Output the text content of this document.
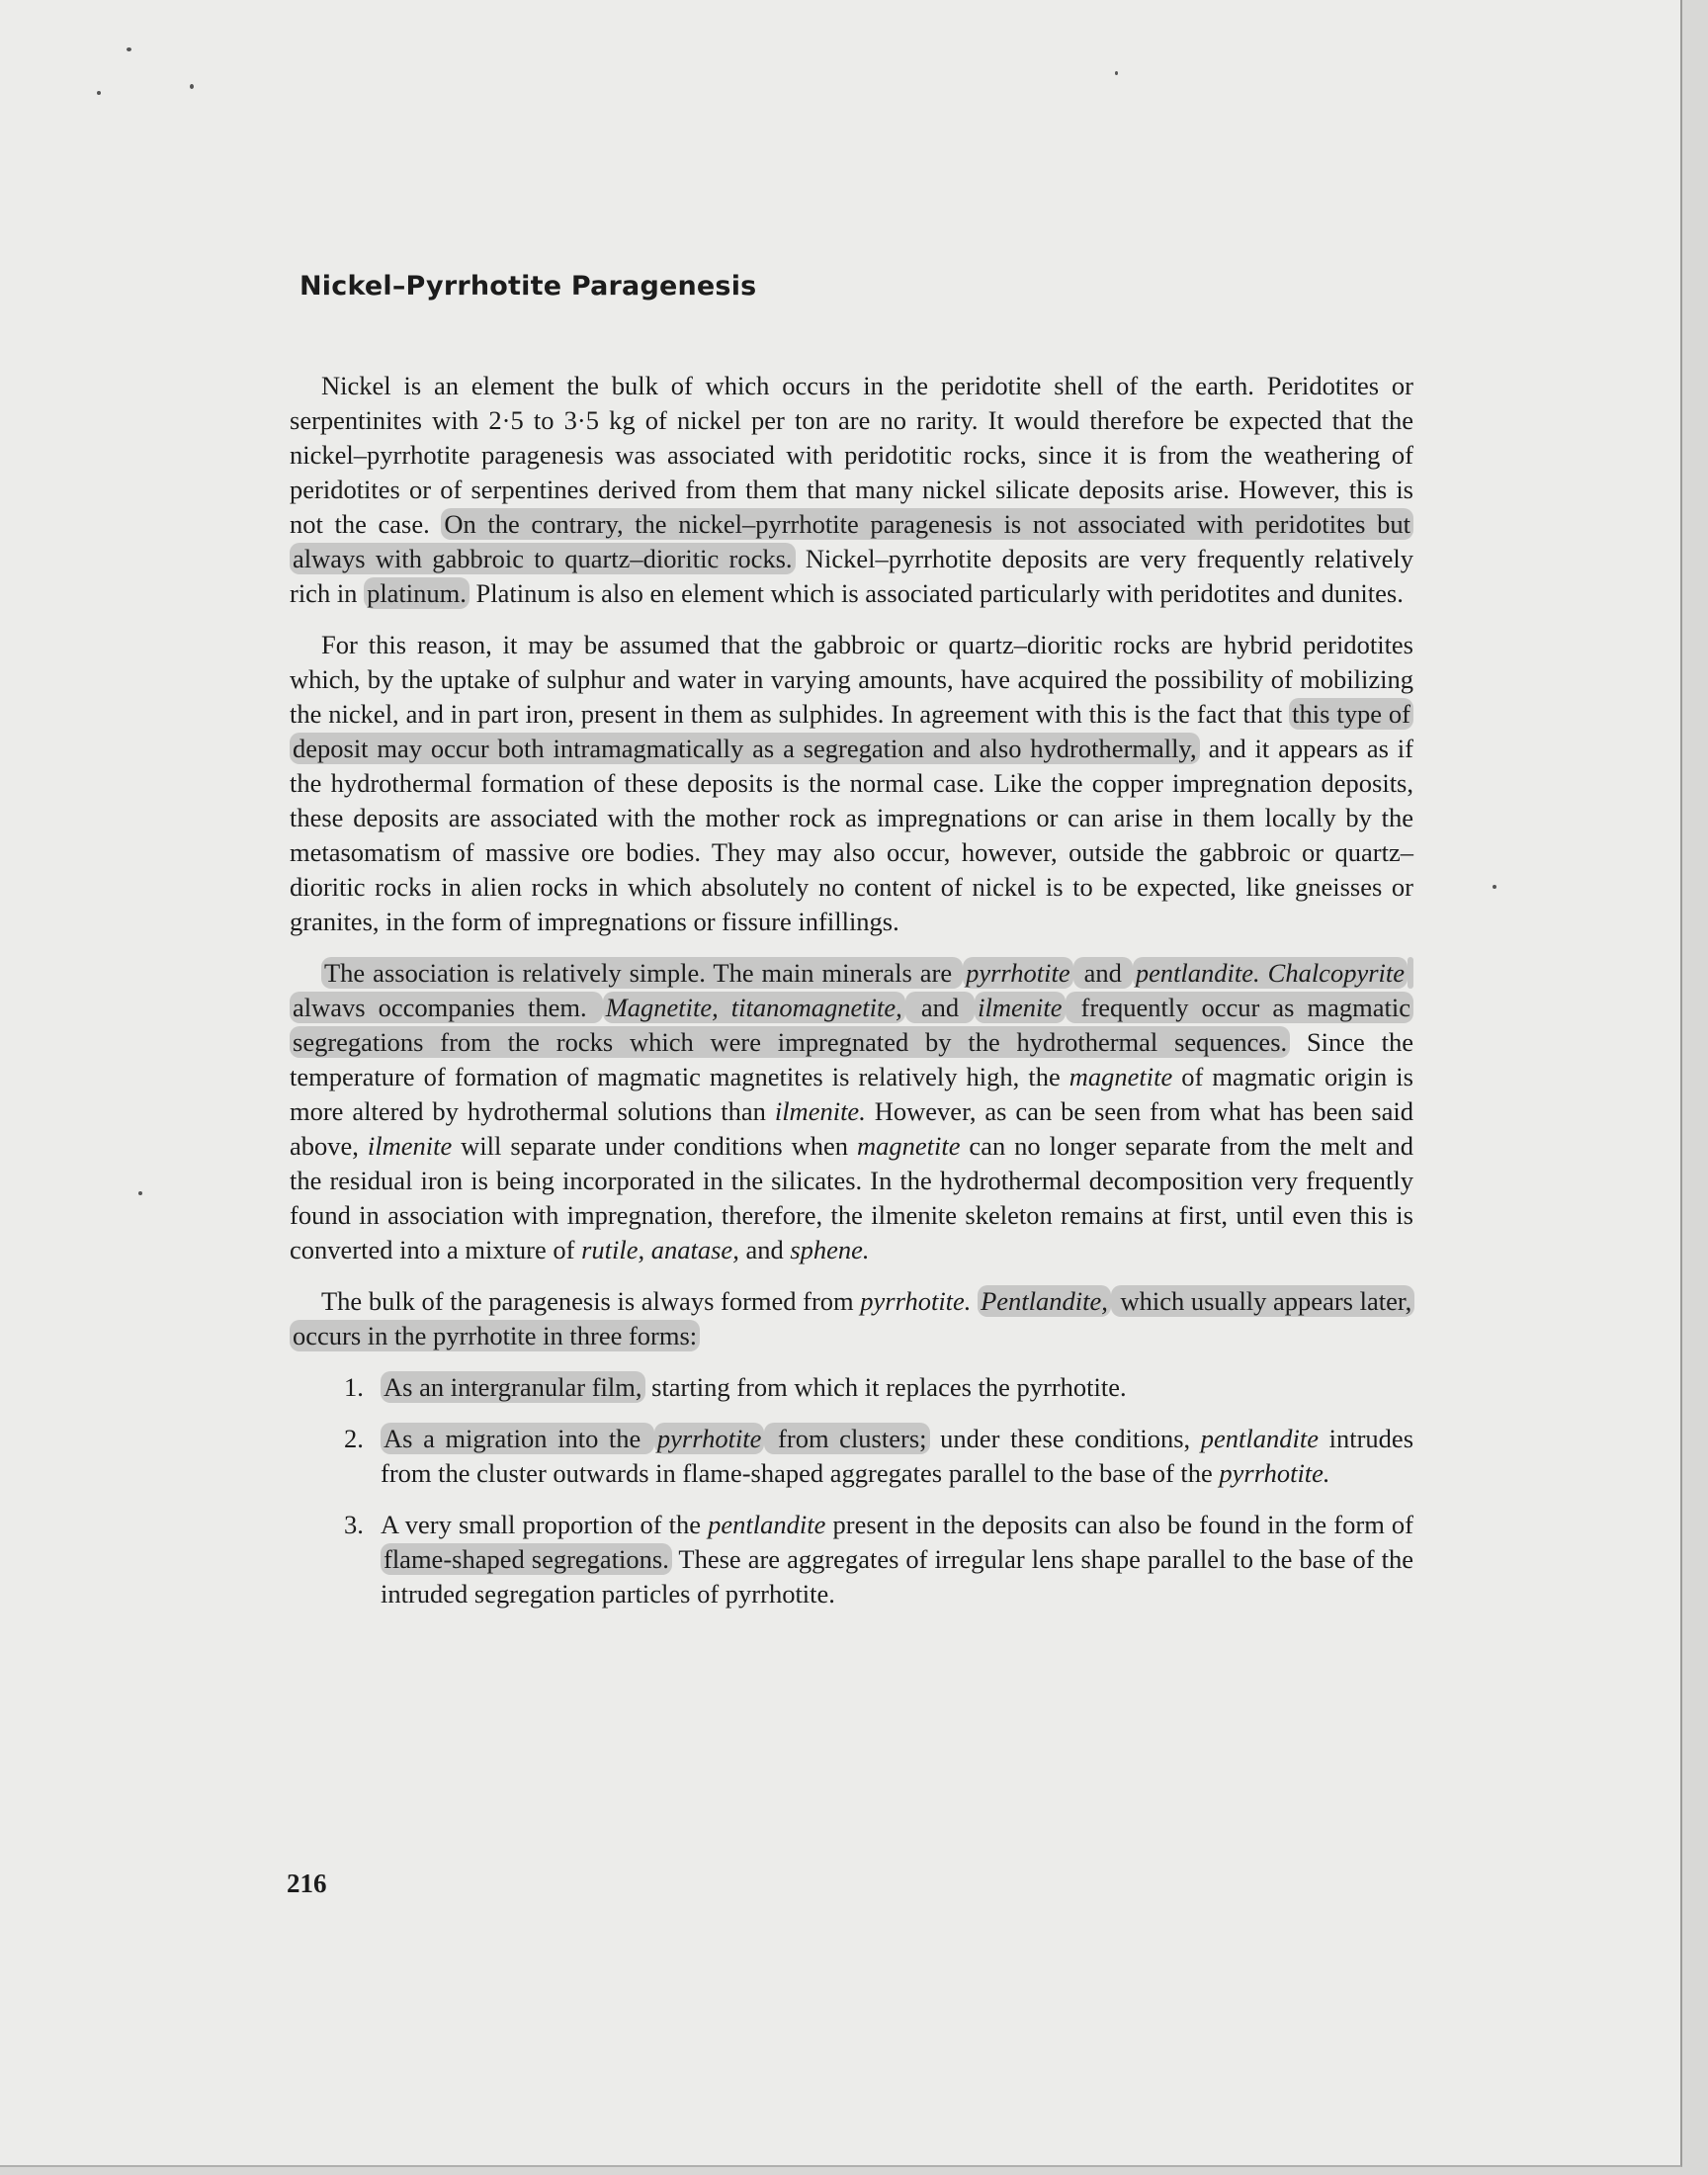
Nickel–Pyrrhotite Paragenesis

Nickel is an element the bulk of which occurs in the peridotite shell of the earth. Peridotites or serpentinites with 2·5 to 3·5 kg of nickel per ton are no rarity. It would therefore be expected that the nickel–pyrrhotite paragenesis was associated with peridotitic rocks, since it is from the weathering of peridotites or of serpentines derived from them that many nickel silicate deposits arise. However, this is not the case. On the contrary, the nickel–pyrrhotite paragenesis is not associated with peridotites but always with gabbroic to quartz–dioritic rocks. Nickel–pyrrhotite deposits are very frequently relatively rich in platinum. Platinum is also en element which is associated particularly with peridotites and dunites.

For this reason, it may be assumed that the gabbroic or quartz–dioritic rocks are hybrid peridotites which, by the uptake of sulphur and water in varying amounts, have acquired the possibility of mobilizing the nickel, and in part iron, present in them as sulphides. In agreement with this is the fact that this type of deposit may occur both intramagmatically as a segregation and also hydrothermally, and it appears as if the hydrothermal formation of these deposits is the normal case. Like the copper impregnation deposits, these deposits are associated with the mother rock as impregnations or can arise in them locally by the metasomatism of massive ore bodies. They may also occur, however, outside the gabbroic or quartz–dioritic rocks in alien rocks in which absolutely no content of nickel is to be expected, like gneisses or granites, in the form of impregnations or fissure infillings.

The association is relatively simple. The main minerals are pyrrhotite and pentlandite. Chalcopyrite alwavs occompanies them. Magnetite, titanomagnetite, and ilmenite frequently occur as magmatic segregations from the rocks which were impregnated by the hydrothermal sequences. Since the temperature of formation of magmatic magnetites is relatively high, the magnetite of magmatic origin is more altered by hydrothermal solutions than ilmenite. However, as can be seen from what has been said above, ilmenite will separate under conditions when magnetite can no longer separate from the melt and the residual iron is being incorporated in the silicates. In the hydrothermal decomposition very frequently found in association with impregnation, therefore, the ilmenite skeleton remains at first, until even this is converted into a mixture of rutile, anatase, and sphene.

The bulk of the paragenesis is always formed from pyrrhotite. Pentlandite, which usually appears later, occurs in the pyrrhotite in three forms:

1. As an intergranular film, starting from which it replaces the pyrrhotite.
2. As a migration into the pyrrhotite from clusters; under these conditions, pentlandite intrudes from the cluster outwards in flame-shaped aggregates parallel to the base of the pyrrhotite.
3. A very small proportion of the pentlandite present in the deposits can also be found in the form of flame-shaped segregations. These are aggregates of irregular lens shape parallel to the base of the intruded segregation particles of pyrrhotite.
216
